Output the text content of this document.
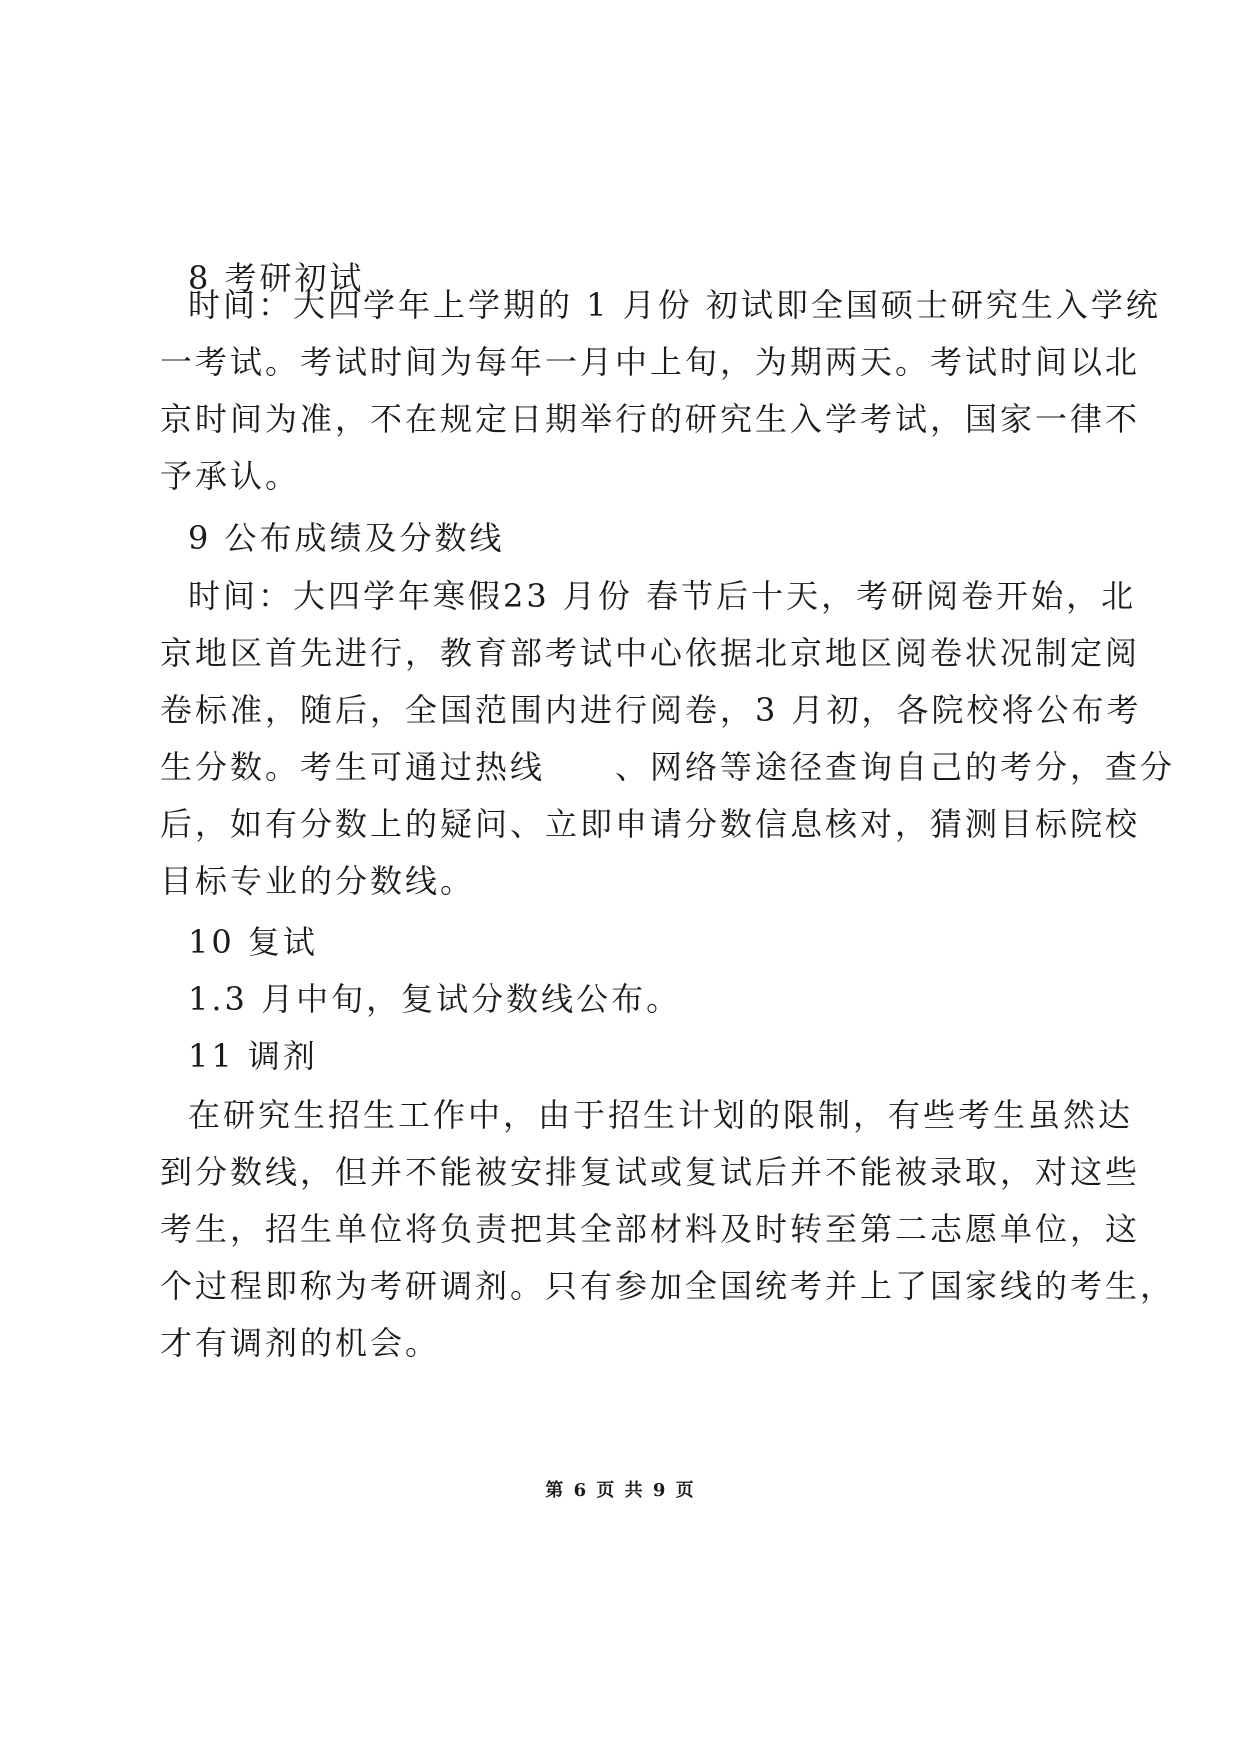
8 考研初试
时间：大四学年上学期的 1 月份 初试即全国硕士研究生入学统
一考试。考试时间为每年一月中上旬，为期两天。考试时间以北
京时间为准，不在规定日期举行的研究生入学考试，国家一律不
予承认。
9 公布成绩及分数线
时间：大四学年寒假23 月份 春节后十天，考研阅卷开始，北
京地区首先进行，教育部考试中心依据北京地区阅卷状况制定阅
卷标准，随后，全国范围内进行阅卷，3 月初，各院校将公布考
生分数。考生可通过热线　　、网络等途径查询自己的考分，查分
后，如有分数上的疑问、立即申请分数信息核对，猜测目标院校
目标专业的分数线。
10 复试
1.3 月中旬，复试分数线公布。
11 调剂
在研究生招生工作中，由于招生计划的限制，有些考生虽然达
到分数线，但并不能被安排复试或复试后并不能被录取，对这些
考生，招生单位将负责把其全部材料及时转至第二志愿单位，这
个过程即称为考研调剂。只有参加全国统考并上了国家线的考生，
才有调剂的机会。
第 6 页 共 9 页
